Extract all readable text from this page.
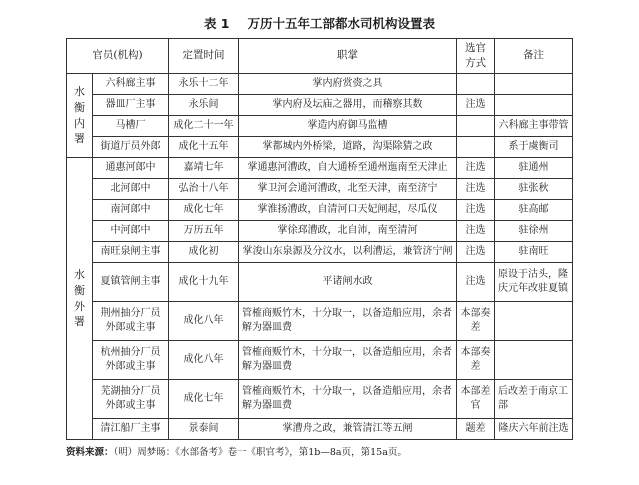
表 1 万历十五年工部都水司机构设置表
官员(机构)		定置时间	职掌	选官方式	备注
水衡内署	六科廊主事	永乐十二年	掌内府赏赍之具		
	器皿厂主事	永乐间	掌内府及坛庙之器用，而稽察其数	注选	
	马槽厂	成化二十一年	掌造内府御马监槽		六科廊主事带管
	街道厅员外郎	成化十五年	掌都城内外桥梁，道路，沟渠除猜之政		系于虞衡司
水衡外署	通惠河郎中	嘉靖七年	掌通惠河漕政，自大通桥至通州迤南至天津止	注选	驻通州
	北河郎中	弘治十八年	掌卫河会通河漕政，北至天津，南至济宁	注选	驻张秋
	南河郎中	成化七年	掌淮扬漕政，自清河口天妃闸起，尽瓜仪	注选	驻高邮
	中河郎中	万历五年	掌徐邳漕政，北自沛，南至清河	注选	驻徐州
	南旺泉闸主事	成化初	掌浚山东泉源及分汶水，以利漕运，兼管济宁闸	注选	驻南旺
	夏镇管闸主事	成化十九年	平诸闸水政	注选	原设于沽头，隆庆元年改驻夏镇
	荆州抽分厂员外郎或主事	成化八年	管榷商贩竹木，十分取一，以备造船应用，余者解为器皿费	本部奏差	
	杭州抽分厂员外郎或主事	成化八年	管榷商贩竹木，十分取一，以备造船应用，余者解为器皿费	本部奏差	
	芜湖抽分厂员外郎或主事	成化七年	管榷商贩竹木，十分取一，以备造船应用，余者解为器皿费	本部差官	后改差于南京工部
	清江船厂主事	景泰间	掌漕舟之政，兼管清江等五闸	题差	隆庆六年前注选
资料来源：（明）周梦旸：《水部备考》卷一《职官考》，第1b—8a页，第15a页。
